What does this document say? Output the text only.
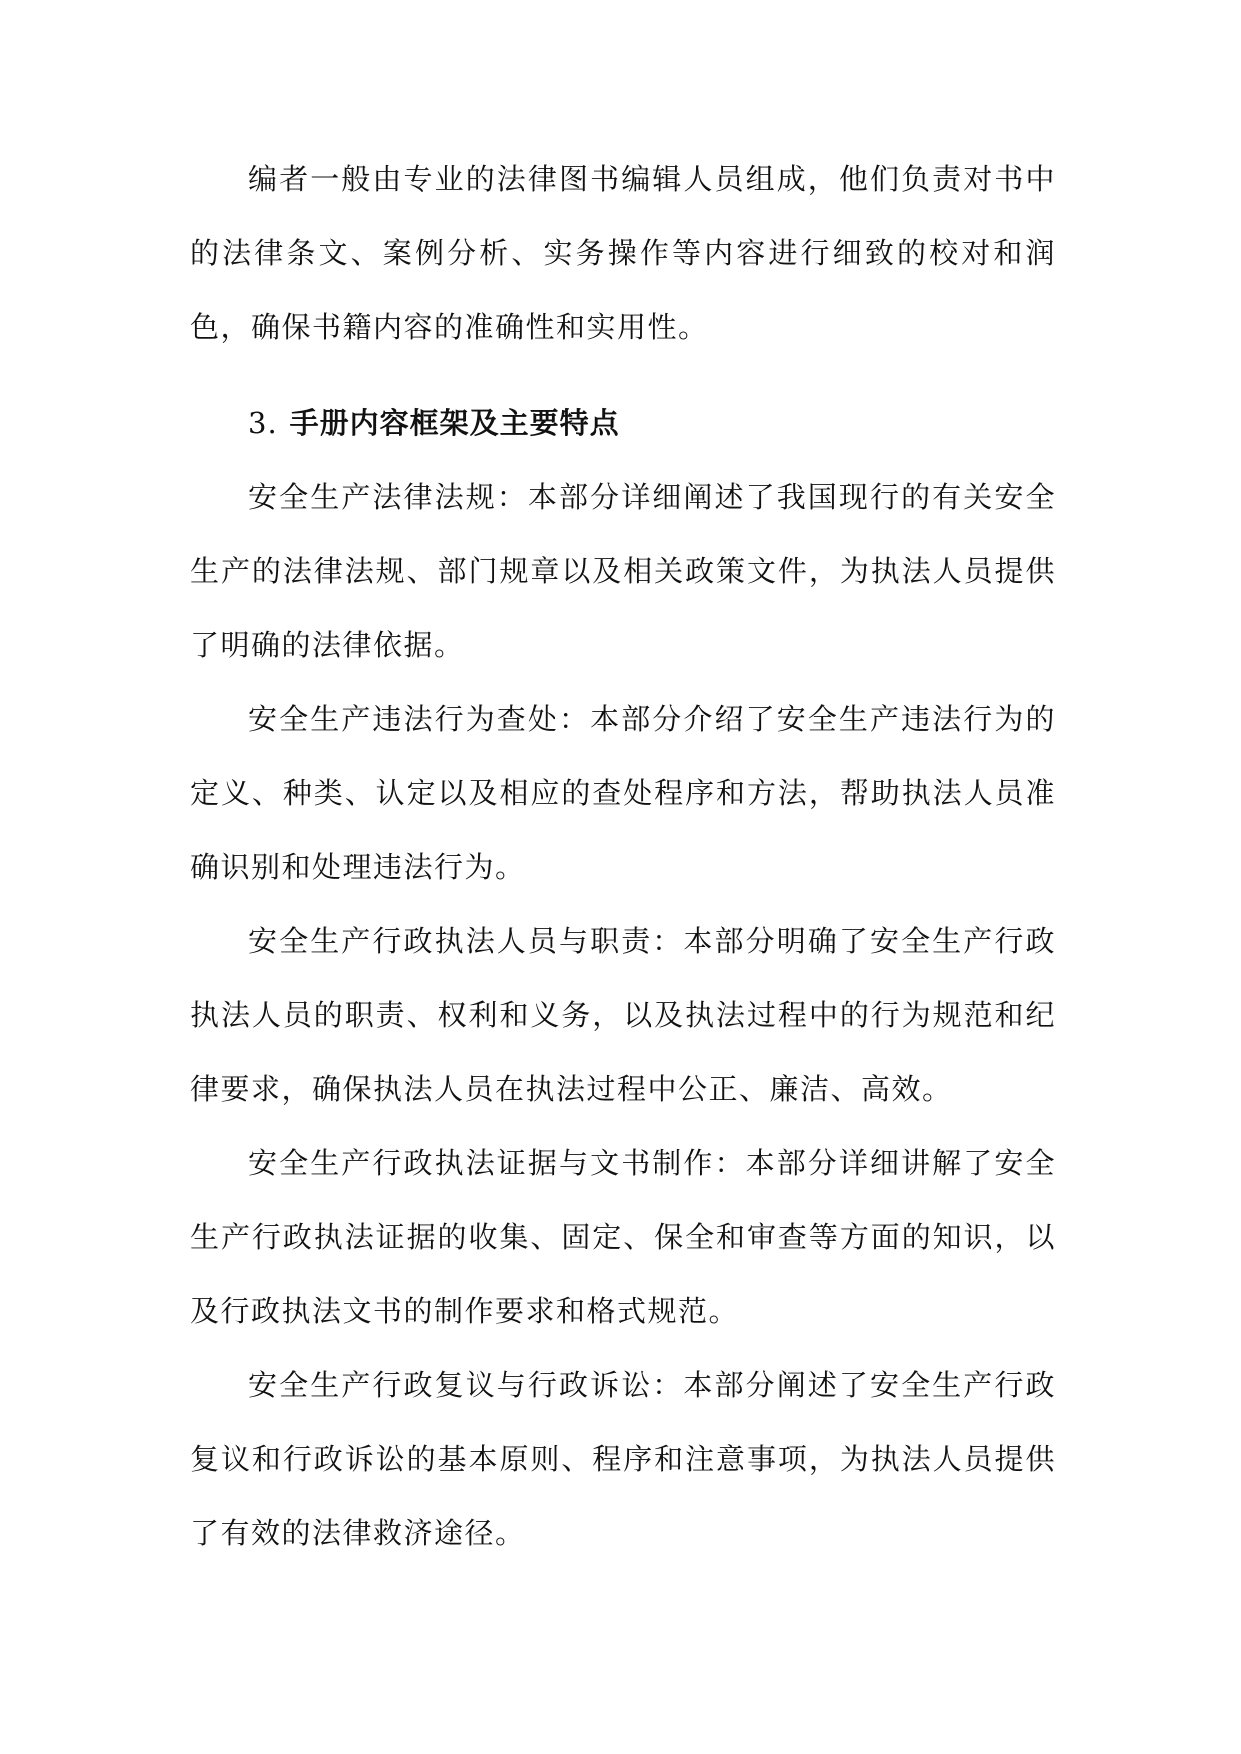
编者一般由专业的法律图书编辑人员组成，他们负责对书中的法律条文、案例分析、实务操作等内容进行细致的校对和润色，确保书籍内容的准确性和实用性。

3. 手册内容框架及主要特点

安全生产法律法规：本部分详细阐述了我国现行的有关安全生产的法律法规、部门规章以及相关政策文件，为执法人员提供了明确的法律依据。

安全生产违法行为查处：本部分介绍了安全生产违法行为的定义、种类、认定以及相应的查处程序和方法，帮助执法人员准确识别和处理违法行为。

安全生产行政执法人员与职责：本部分明确了安全生产行政执法人员的职责、权利和义务，以及执法过程中的行为规范和纪律要求，确保执法人员在执法过程中公正、廉洁、高效。

安全生产行政执法证据与文书制作：本部分详细讲解了安全生产行政执法证据的收集、固定、保全和审查等方面的知识，以及行政执法文书的制作要求和格式规范。

安全生产行政复议与行政诉讼：本部分阐述了安全生产行政复议和行政诉讼的基本原则、程序和注意事项，为执法人员提供了有效的法律救济途径。
